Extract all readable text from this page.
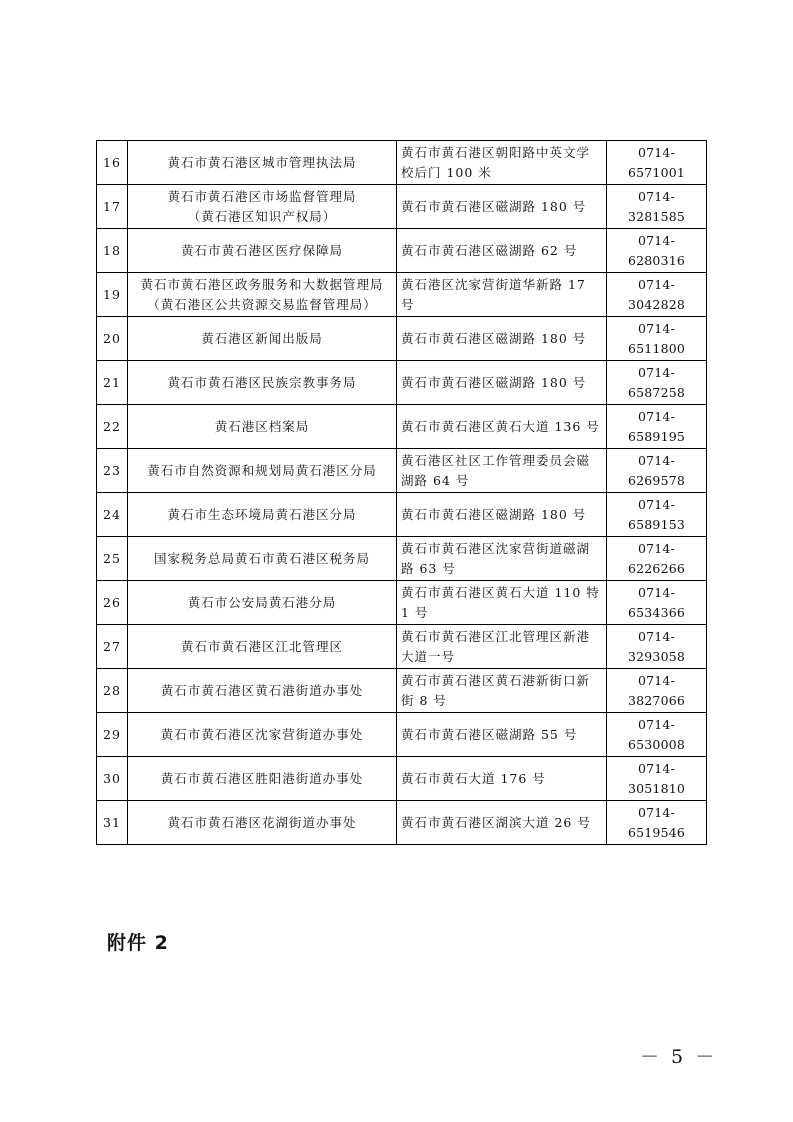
16	黄石市黄石港区城市管理执法局	黄石市黄石港区朝阳路中英文学
校后门 100 米	0714-6571001
17	黄石市黄石港区市场监督管理局
（黄石港区知识产权局）	黄石市黄石港区磁湖路 180 号	0714-3281585
18	黄石市黄石港区医疗保障局	黄石市黄石港区磁湖路 62 号	0714-6280316
19	黄石市黄石港区政务服务和大数据管理局
（黄石港区公共资源交易监督管理局）	黄石港区沈家营街道华新路 17
号	0714-3042828
20	黄石港区新闻出版局	黄石市黄石港区磁湖路 180 号	0714-6511800
21	黄石市黄石港区民族宗教事务局	黄石市黄石港区磁湖路 180 号	0714-6587258
22	黄石港区档案局	黄石市黄石港区黄石大道 136 号	0714-6589195
23	黄石市自然资源和规划局黄石港区分局	黄石港区社区工作管理委员会磁
湖路 64 号	0714-6269578
24	黄石市生态环境局黄石港区分局	黄石市黄石港区磁湖路 180 号	0714-6589153
25	国家税务总局黄石市黄石港区税务局	黄石市黄石港区沈家营街道磁湖
路 63 号	0714-6226266
26	黄石市公安局黄石港分局	黄石市黄石港区黄石大道 110 特
1 号	0714-6534366
27	黄石市黄石港区江北管理区	黄石市黄石港区江北管理区新港
大道一号	0714-3293058
28	黄石市黄石港区黄石港街道办事处	黄石市黄石港区黄石港新街口新
街 8 号	0714-3827066
29	黄石市黄石港区沈家营街道办事处	黄石市黄石港区磁湖路 55 号	0714-6530008
30	黄石市黄石港区胜阳港街道办事处	黄石市黄石大道 176 号	0714-3051810
31	黄石市黄石港区花湖街道办事处	黄石市黄石港区湖滨大道 26 号	0714-6519546
附件 2
－ 5 －
